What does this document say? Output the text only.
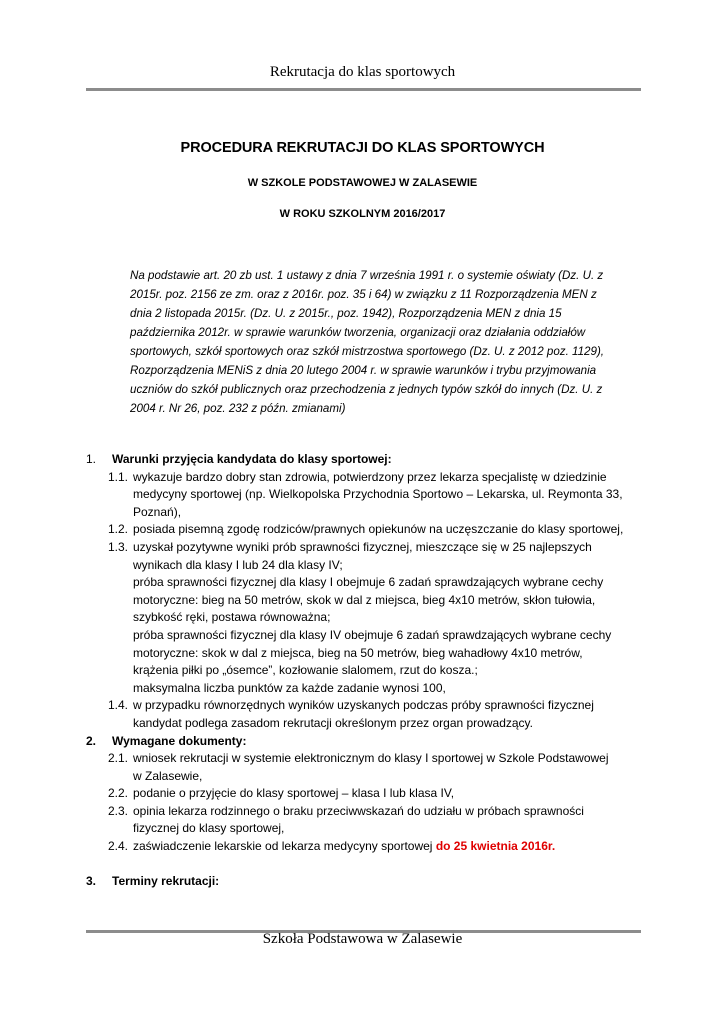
Rekrutacja do klas sportowych
PROCEDURA REKRUTACJI DO KLAS SPORTOWYCH
W SZKOLE PODSTAWOWEJ W ZALASEWIE
W ROKU SZKOLNYM 2016/2017

Na podstawie art. 20 zb ust. 1 ustawy z dnia 7 września 1991 r. o systemie oświaty (Dz. U. z 2015r. poz. 2156 ze zm. oraz z 2016r. poz. 35 i 64) w związku z 11 Rozporządzenia MEN z dnia 2 listopada 2015r. (Dz. U. z 2015r., poz. 1942), Rozporządzenia MEN z dnia 15 października 2012r. w sprawie warunków tworzenia, organizacji oraz działania oddziałów sportowych, szkół sportowych oraz szkół mistrzostwa sportowego (Dz. U. z 2012 poz. 1129), Rozporządzenia MENiS z dnia 20 lutego 2004 r. w sprawie warunków i trybu przyjmowania uczniów do szkół publicznych oraz przechodzenia z jednych typów szkół do innych (Dz. U. z 2004 r. Nr 26, poz. 232 z późn. zmianami)

1. Warunki przyjęcia kandydata do klasy sportowej:
1.1. wykazuje bardzo dobry stan zdrowia, potwierdzony przez lekarza specjalistę w dziedzinie
medycyny sportowej (np. Wielkopolska Przychodnia Sportowo – Lekarska, ul. Reymonta 33,
Poznań),
1.2. posiada pisemną zgodę rodziców/prawnych opiekunów na uczęszczanie do klasy sportowej,
1.3. uzyskał pozytywne wyniki prób sprawności fizycznej, mieszczące się w 25 najlepszych
wynikach dla klasy I lub 24 dla klasy IV;
próba sprawności fizycznej dla klasy I obejmuje 6 zadań sprawdzających wybrane cechy
motoryczne: bieg na 50 metrów, skok w dal z miejsca, bieg 4x10 metrów, skłon tułowia,
szybkość ręki, postawa równoważna;
próba sprawności fizycznej dla klasy IV obejmuje 6 zadań sprawdzających wybrane cechy
motoryczne: skok w dal z miejsca, bieg na 50 metrów, bieg wahadłowy 4x10 metrów,
krążenia piłki po „ósemce”, kozłowanie slalomem, rzut do kosza.;
maksymalna liczba punktów za każde zadanie wynosi 100,
1.4. w przypadku równorzędnych wyników uzyskanych podczas próby sprawności fizycznej
kandydat podlega zasadom rekrutacji określonym przez organ prowadzący.
2. Wymagane dokumenty:
2.1. wniosek rekrutacji w systemie elektronicznym do klasy I sportowej w Szkole Podstawowej
w Zalasewie,
2.2. podanie o przyjęcie do klasy sportowej – klasa I lub klasa IV,
2.3. opinia lekarza rodzinnego o braku przeciwwskazań do udziału w próbach sprawności
fizycznej do klasy sportowej,
2.4. zaświadczenie lekarskie od lekarza medycyny sportowej do 25 kwietnia 2016r.
3. Terminy rekrutacji:
Szkoła Podstawowa w Zalasewie
